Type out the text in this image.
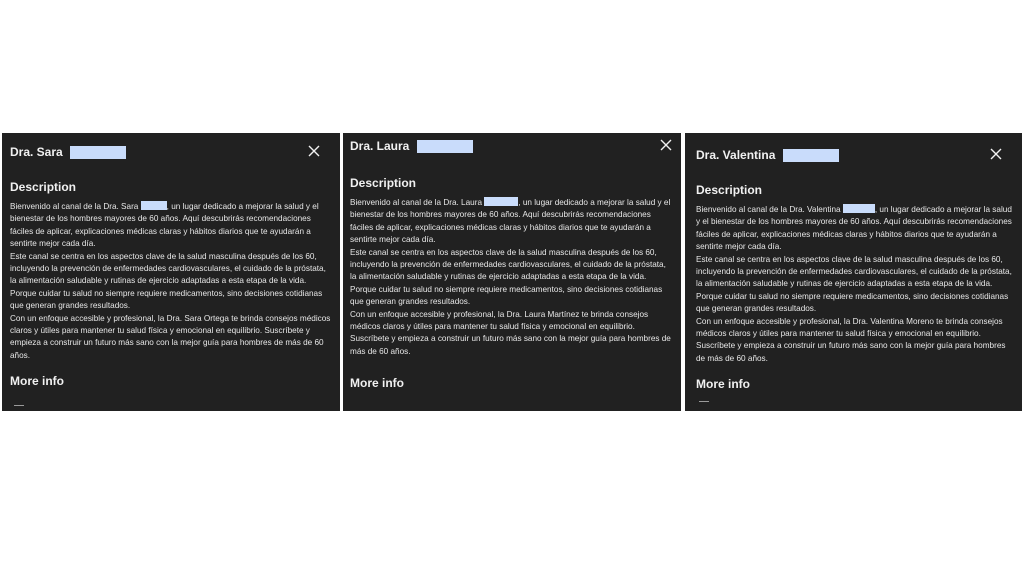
Dra. Sara
Description

Bienvenido al canal de la Dra. Sara	, un lugar dedicado a mejorar la salud y el bienestar de los hombres mayores de 60 años. Aquí descubrirás recomendaciones fáciles de aplicar, explicaciones médicas claras y hábitos diarios que te ayudarán a sentirte mejor cada día.

Este canal se centra en los aspectos clave de la salud masculina después de los 60, incluyendo la prevención de enfermedades cardiovasculares, el cuidado de la próstata, la alimentación saludable y rutinas de ejercicio adaptadas a esta etapa de la vida. Porque cuidar tu salud no siempre requiere medicamentos, sino decisiones cotidianas que generan grandes resultados.

Con un enfoque accesible y profesional, la Dra. Sara Ortega te brinda consejos médicos claros y útiles para mantener tu salud física y emocional en equilibrio. Suscríbete y empieza a construir un futuro más sano con la mejor guía para hombres de más de 60 años.

More info
Dra. Laura
Description

Bienvenido al canal de la Dra. Laura	, un lugar dedicado a mejorar la salud y el bienestar de los hombres mayores de 60 años. Aquí descubrirás recomendaciones fáciles de aplicar, explicaciones médicas claras y hábitos diarios que te ayudarán a sentirte mejor cada día.

Este canal se centra en los aspectos clave de la salud masculina después de los 60, incluyendo la prevención de enfermedades cardiovasculares, el cuidado de la próstata, la alimentación saludable y rutinas de ejercicio adaptadas a esta etapa de la vida. Porque cuidar tu salud no siempre requiere medicamentos, sino decisiones cotidianas que generan grandes resultados.

Con un enfoque accesible y profesional, la Dra. Laura Martínez te brinda consejos médicos claros y útiles para mantener tu salud física y emocional en equilibrio. Suscríbete y empieza a construir un futuro más sano con la mejor guía para hombres de más de 60 años.

More info
Dra. Valentina
Description

Bienvenido al canal de la Dra. Valentina	, un lugar dedicado a mejorar la salud y el bienestar de los hombres mayores de 60 años. Aquí descubrirás recomendaciones fáciles de aplicar, explicaciones médicas claras y hábitos diarios que te ayudarán a sentirte mejor cada día.

Este canal se centra en los aspectos clave de la salud masculina después de los 60, incluyendo la prevención de enfermedades cardiovasculares, el cuidado de la próstata, la alimentación saludable y rutinas de ejercicio adaptadas a esta etapa de la vida. Porque cuidar tu salud no siempre requiere medicamentos, sino decisiones cotidianas que generan grandes resultados.

Con un enfoque accesible y profesional, la Dra. Valentina Moreno te brinda consejos médicos claros y útiles para mantener tu salud física y emocional en equilibrio. Suscríbete y empieza a construir un futuro más sano con la mejor guía para hombres de más de 60 años.

More info
